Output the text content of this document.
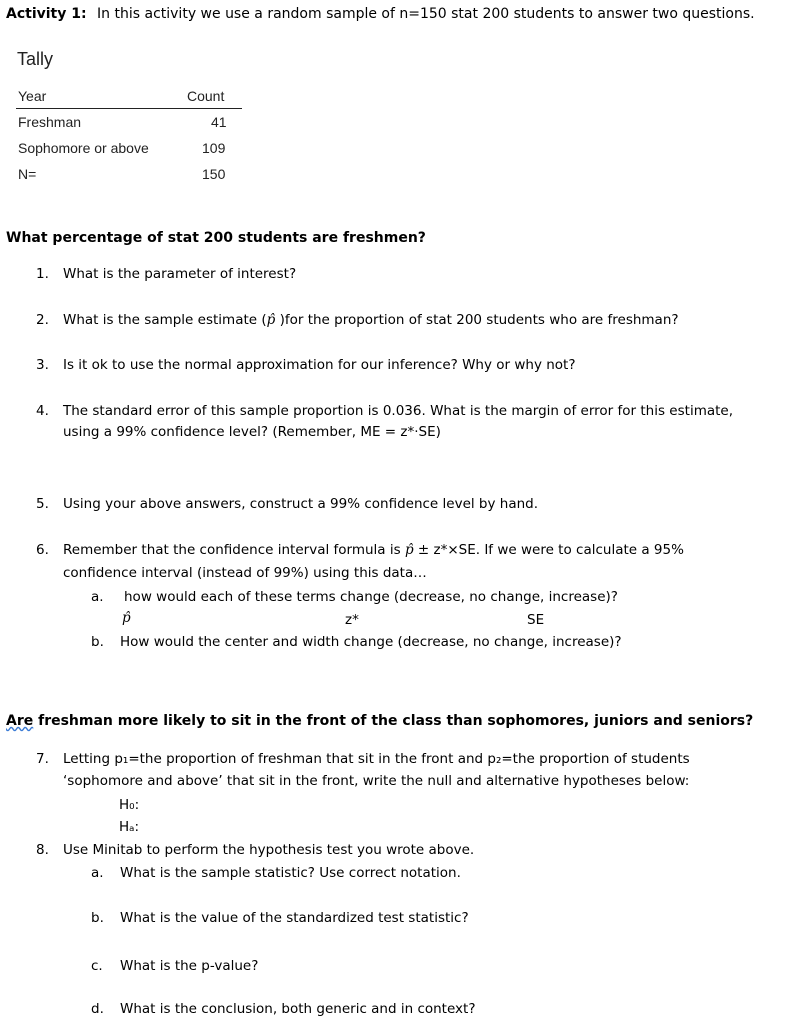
Activity 1: In this activity we use a random sample of n=150 stat 200 students to answer two questions.
Tally
Year	Count
Freshman	41
Sophomore or above	109
N=	150
What percentage of stat 200 students are freshmen?
1. What is the parameter of interest?
2. What is the sample estimate (p̂ )for the proportion of stat 200 students who are freshman?
3. Is it ok to use the normal approximation for our inference? Why or why not?
4. The standard error of this sample proportion is 0.036. What is the margin of error for this estimate,
using a 99% confidence level? (Remember, ME = z*·SE)
5. Using your above answers, construct a 99% confidence level by hand.
6. Remember that the confidence interval formula is p̂ ± z*×SE. If we were to calculate a 95%
confidence interval (instead of 99%) using this data…
a. how would each of these terms change (decrease, no change, increase)?
p̂	z*	SE
b. How would the center and width change (decrease, no change, increase)?
Are freshman more likely to sit in the front of the class than sophomores, juniors and seniors?
7. Letting p₁=the proportion of freshman that sit in the front and p₂=the proportion of students
‘sophomore and above’ that sit in the front, write the null and alternative hypotheses below:
H₀:
Hₐ:
8. Use Minitab to perform the hypothesis test you wrote above.
a. What is the sample statistic? Use correct notation.
b. What is the value of the standardized test statistic?
c. What is the p-value?
d. What is the conclusion, both generic and in context?
